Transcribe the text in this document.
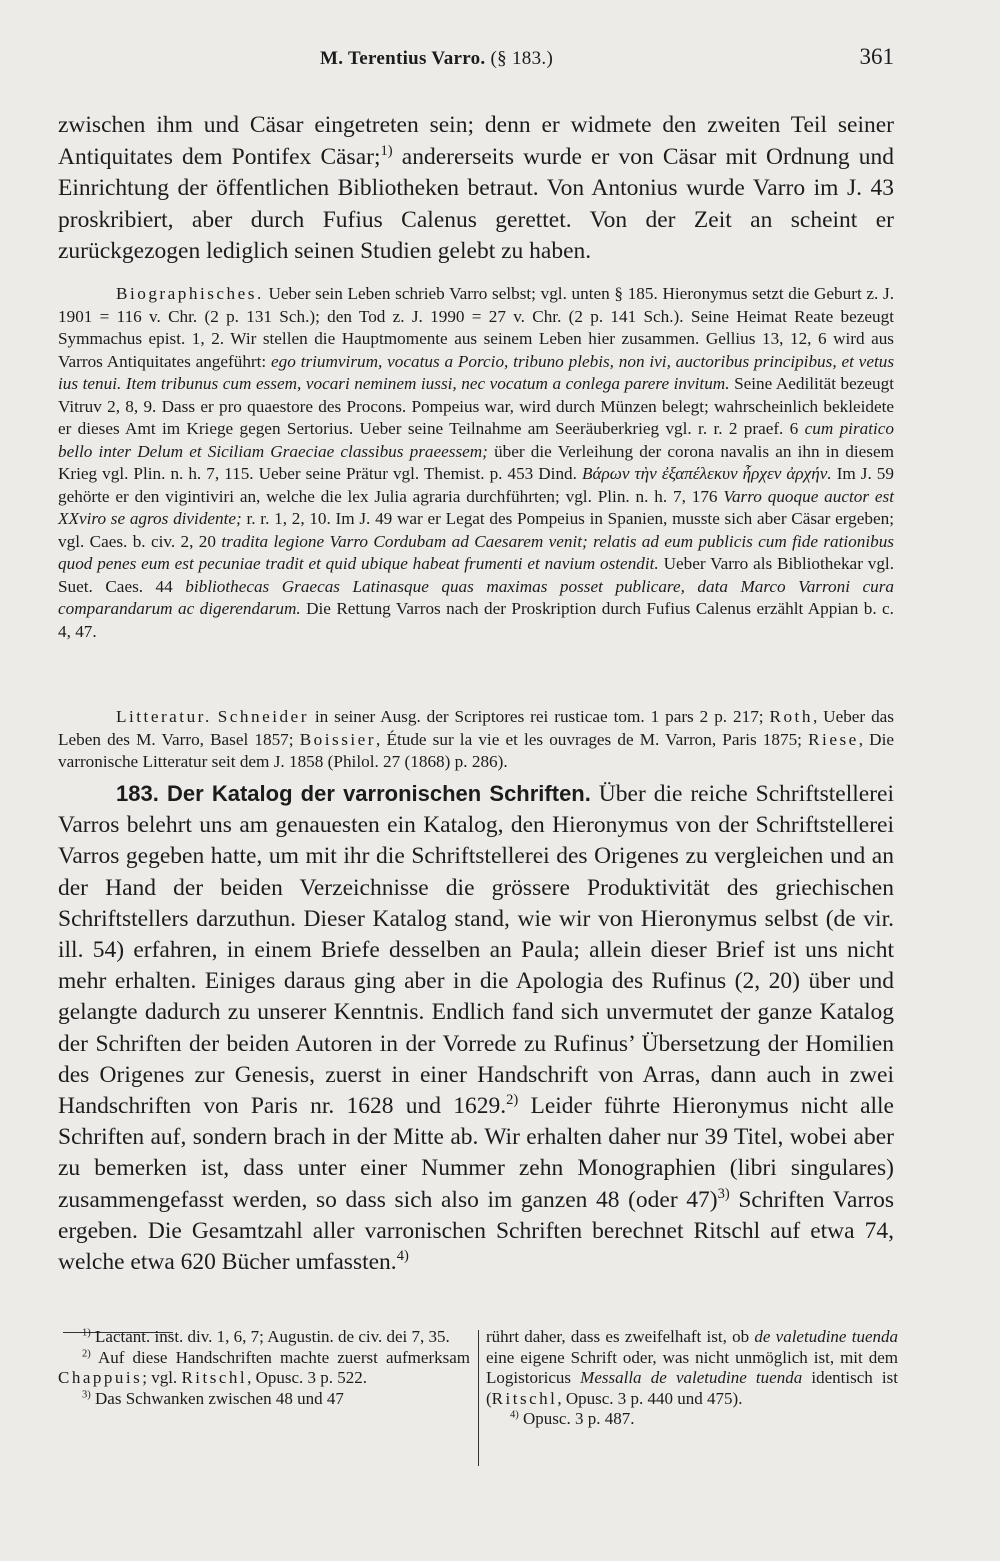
M. Terentius Varro. (§ 183.)	361

zwischen ihm und Cäsar eingetreten sein; denn er widmete den zweiten Teil seiner Antiquitates dem Pontifex Cäsar;$^{1)}$ andererseits wurde er von Cäsar mit Ordnung und Einrichtung der öffentlichen Bibliotheken betraut. Von Antonius wurde Varro im J. 43 proskribiert, aber durch Fufius Calenus gerettet. Von der Zeit an scheint er zurückgezogen lediglich seinen Studien gelebt zu haben.

Biographisches. Ueber sein Leben schrieb Varro selbst; vgl. unten § 185. Hieronymus setzt die Geburt z. J. 1901 = 116 v. Chr. (2 p. 131 Sch.); den Tod z. J. 1990 = 27 v. Chr. (2 p. 141 Sch.). Seine Heimat Reate bezeugt Symmachus epist. 1, 2. Wir stellen die Hauptmomente aus seinem Leben hier zusammen. Gellius 13, 12, 6 wird aus Varros Antiquitates angeführt: ego triumvirum, vocatus a Porcio, tribuno plebis, non ivi, auctoribus principibus, et vetus ius tenui. Item tribunus cum essem, vocari neminem iussi, nec vocatum a conlega parere invitum. Seine Aedilität bezeugt Vitruv 2, 8, 9. Dass er pro quaestore des Procons. Pompeius war, wird durch Münzen belegt; wahrscheinlich bekleidete er dieses Amt im Kriege gegen Sertorius. Ueber seine Teilnahme am Seeräuberkrieg vgl. r. r. 2 praef. 6 cum piratico bello inter Delum et Siciliam Graeciae classibus praeessem; über die Verleihung der corona navalis an ihn in diesem Krieg vgl. Plin. n. h. 7, 115. Ueber seine Prätur vgl. Themist. p. 453 Dind. Βάρων τὴν ἐξαπέλεκυν ἦρχεν ἀρχήν. Im J. 59 gehörte er den vigintiviri an, welche die lex Julia agraria durchführten; vgl. Plin. n. h. 7, 176 Varro quoque auctor est XXviro se agros dividente; r. r. 1, 2, 10. Im J. 49 war er Legat des Pompeius in Spanien, musste sich aber Cäsar ergeben; vgl. Caes. b. civ. 2, 20 tradita legione Varro Cordubam ad Caesarem venit; relatis ad eum publicis cum fide rationibus quod penes eum est pecuniae tradit et quid ubique habeat frumenti et navium ostendit. Ueber Varro als Bibliothekar vgl. Suet. Caes. 44 bibliothecas Graecas Latinasque quas maximas posset publicare, data Marco Varroni cura comparandarum ac digerendarum. Die Rettung Varros nach der Proskription durch Fufius Calenus erzählt Appian b. c. 4, 47.

Litteratur. Schneider in seiner Ausg. der Scriptores rei rusticae tom. 1 pars 2 p. 217; Roth, Ueber das Leben des M. Varro, Basel 1857; Boissier, Étude sur la vie et les ouvrages de M. Varron, Paris 1875; Riese, Die varronische Litteratur seit dem J. 1858 (Philol. 27 (1868) p. 286).

183. Der Katalog der varronischen Schriften. Über die reiche Schriftstellerei Varros belehrt uns am genauesten ein Katalog, den Hieronymus von der Schriftstellerei Varros gegeben hatte, um mit ihr die Schriftstellerei des Origenes zu vergleichen und an der Hand der beiden Verzeichnisse die grössere Produktivität des griechischen Schriftstellers darzuthun. Dieser Katalog stand, wie wir von Hieronymus selbst (de vir. ill. 54) erfahren, in einem Briefe desselben an Paula; allein dieser Brief ist uns nicht mehr erhalten. Einiges daraus ging aber in die Apologia des Rufinus (2, 20) über und gelangte dadurch zu unserer Kenntnis. Endlich fand sich unvermutet der ganze Katalog der Schriften der beiden Autoren in der Vorrede zu Rufinus’ Übersetzung der Homilien des Origenes zur Genesis, zuerst in einer Handschrift von Arras, dann auch in zwei Handschriften von Paris nr. 1628 und 1629.$^{2)}$ Leider führte Hieronymus nicht alle Schriften auf, sondern brach in der Mitte ab. Wir erhalten daher nur 39 Titel, wobei aber zu bemerken ist, dass unter einer Nummer zehn Monographien (libri singulares) zusammengefasst werden, so dass sich also im ganzen 48 (oder 47)$^{3)}$ Schriften Varros ergeben. Die Gesamtzahl aller varronischen Schriften berechnet Ritschl auf etwa 74, welche etwa 620 Bücher umfassten.$^{4)}$

$^{1)}$ Lactant. inst. div. 1, 6, 7; Augustin. de civ. dei 7, 35.

$^{2)}$ Auf diese Handschriften machte zuerst aufmerksam Chappuis; vgl. Ritschl, Opusc. 3 p. 522.

$^{3)}$ Das Schwanken zwischen 48 und 47

rührt daher, dass es zweifelhaft ist, ob de valetudine tuenda eine eigene Schrift oder, was nicht unmöglich ist, mit dem Logistoricus Messalla de valetudine tuenda identisch ist (Ritschl, Opusc. 3 p. 440 und 475).

$^{4)}$ Opusc. 3 p. 487.
